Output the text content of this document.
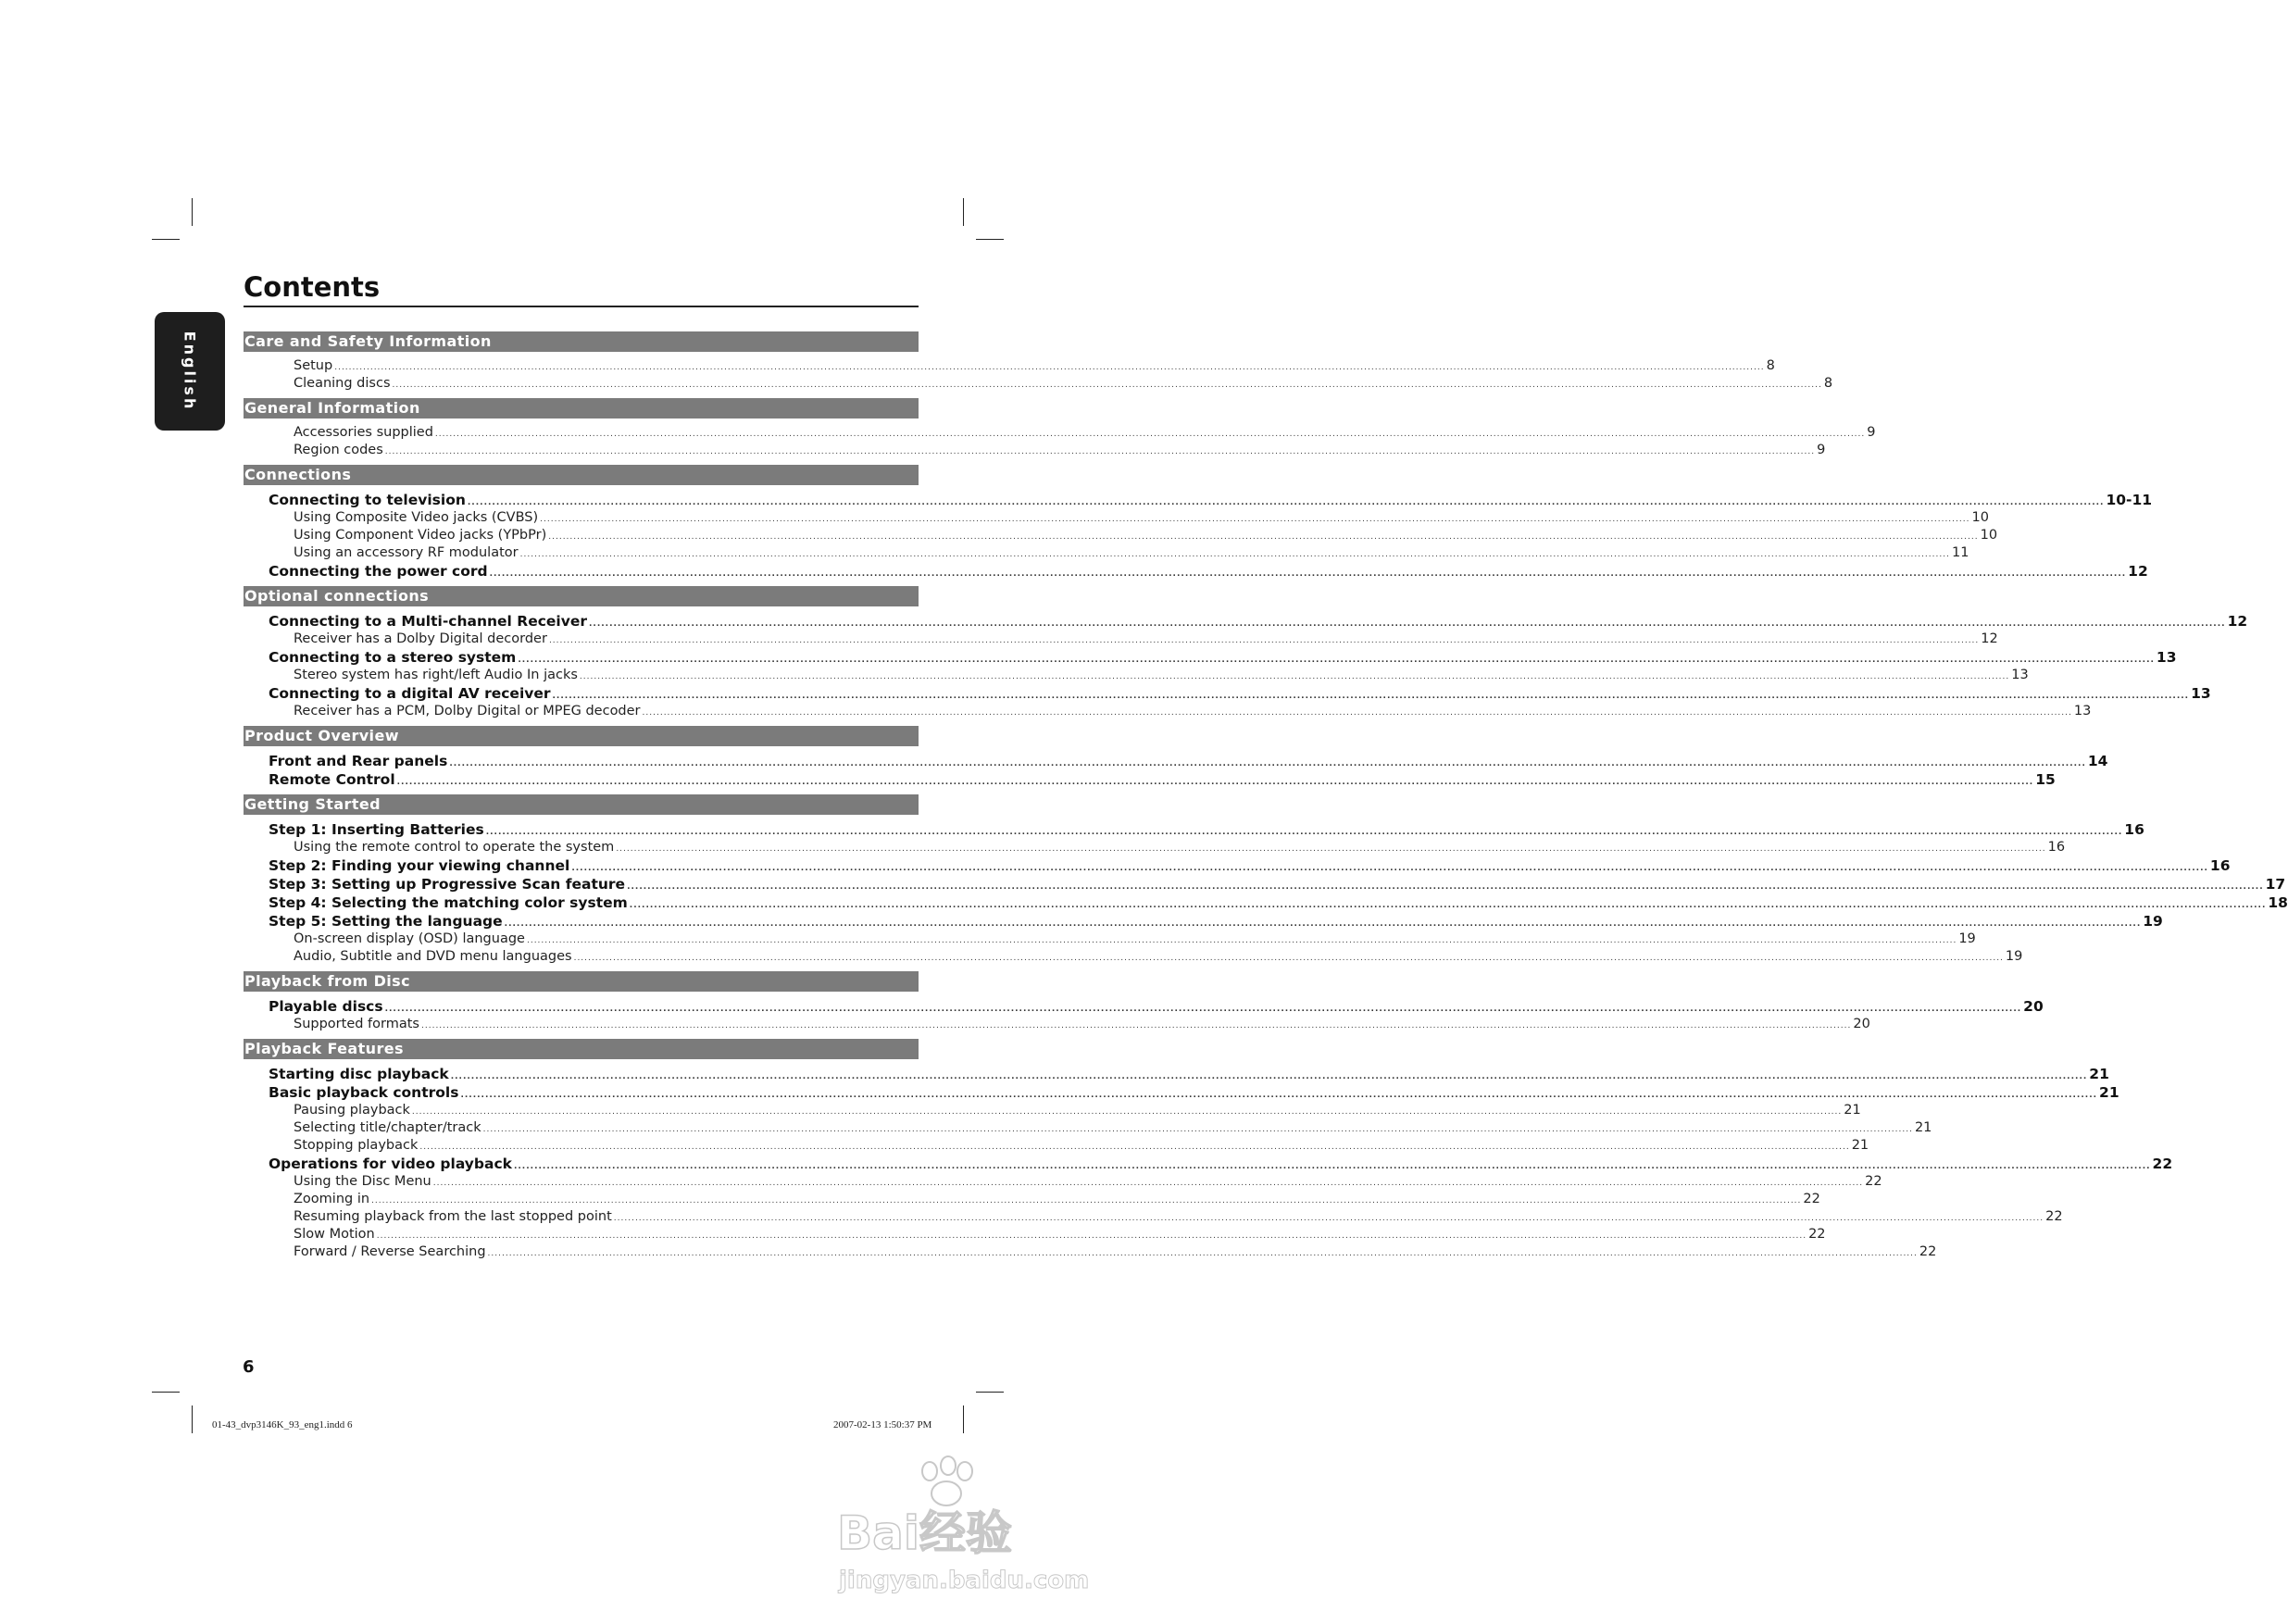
English
Contents
Care and Safety Information
Setup ................................................................................................................................................................................................................................................................................................................................................................................................................ 8
Cleaning discs ................................................................................................................................................................................................................................................................................................................................................................................................................ 8
General Information
Accessories supplied ................................................................................................................................................................................................................................................................................................................................................................................................................ 9
Region codes ................................................................................................................................................................................................................................................................................................................................................................................................................ 9
Connections
Connecting to television ................................................................................................................................................................................................................................................................................................................................................................................................................ 10-11
Using Composite Video jacks (CVBS) ................................................................................................................................................................................................................................................................................................................................................................................................................ 10
Using Component Video jacks (YPbPr) ................................................................................................................................................................................................................................................................................................................................................................................................................ 10
Using an accessory RF modulator ................................................................................................................................................................................................................................................................................................................................................................................................................ 11
Connecting the power cord ................................................................................................................................................................................................................................................................................................................................................................................................................ 12
Optional connections
Connecting to a Multi-channel Receiver ................................................................................................................................................................................................................................................................................................................................................................................................................ 12
Receiver has a Dolby Digital decorder ................................................................................................................................................................................................................................................................................................................................................................................................................ 12
Connecting to a stereo system ................................................................................................................................................................................................................................................................................................................................................................................................................ 13
Stereo system has right/left Audio In jacks ................................................................................................................................................................................................................................................................................................................................................................................................................ 13
Connecting to a digital AV receiver ................................................................................................................................................................................................................................................................................................................................................................................................................ 13
Receiver has a PCM, Dolby Digital or MPEG decoder ................................................................................................................................................................................................................................................................................................................................................................................................................ 13
Product Overview
Front and Rear panels ................................................................................................................................................................................................................................................................................................................................................................................................................ 14
Remote Control ................................................................................................................................................................................................................................................................................................................................................................................................................ 15
Getting Started
Step 1: Inserting Batteries ................................................................................................................................................................................................................................................................................................................................................................................................................ 16
Using the remote control to operate the system ................................................................................................................................................................................................................................................................................................................................................................................................................ 16
Step 2: Finding your viewing channel ................................................................................................................................................................................................................................................................................................................................................................................................................ 16
Step 3: Setting up Progressive Scan feature ................................................................................................................................................................................................................................................................................................................................................................................................................ 17
Step 4: Selecting the matching color system ................................................................................................................................................................................................................................................................................................................................................................................................................ 18
Step 5: Setting the language ................................................................................................................................................................................................................................................................................................................................................................................................................ 19
On-screen display (OSD) language ................................................................................................................................................................................................................................................................................................................................................................................................................ 19
Audio, Subtitle and DVD menu languages ................................................................................................................................................................................................................................................................................................................................................................................................................ 19
Playback from Disc
Playable discs ................................................................................................................................................................................................................................................................................................................................................................................................................ 20
Supported formats ................................................................................................................................................................................................................................................................................................................................................................................................................ 20
Playback Features
Starting disc playback ................................................................................................................................................................................................................................................................................................................................................................................................................ 21
Basic playback controls ................................................................................................................................................................................................................................................................................................................................................................................................................ 21
Pausing playback ................................................................................................................................................................................................................................................................................................................................................................................................................ 21
Selecting title/chapter/track ................................................................................................................................................................................................................................................................................................................................................................................................................ 21
Stopping playback ................................................................................................................................................................................................................................................................................................................................................................................................................ 21
Operations for video playback ................................................................................................................................................................................................................................................................................................................................................................................................................ 22
Using the Disc Menu ................................................................................................................................................................................................................................................................................................................................................................................................................ 22
Zooming in ................................................................................................................................................................................................................................................................................................................................................................................................................ 22
Resuming playback from the last stopped point ................................................................................................................................................................................................................................................................................................................................................................................................................ 22
Slow Motion ................................................................................................................................................................................................................................................................................................................................................................................................................ 22
Forward / Reverse Searching ................................................................................................................................................................................................................................................................................................................................................................................................................ 22
6
01-43_dvp3146K_93_eng1.indd 6	2007-02-13 1:50:37 PM
Bai经验
jingyan.baidu.com
